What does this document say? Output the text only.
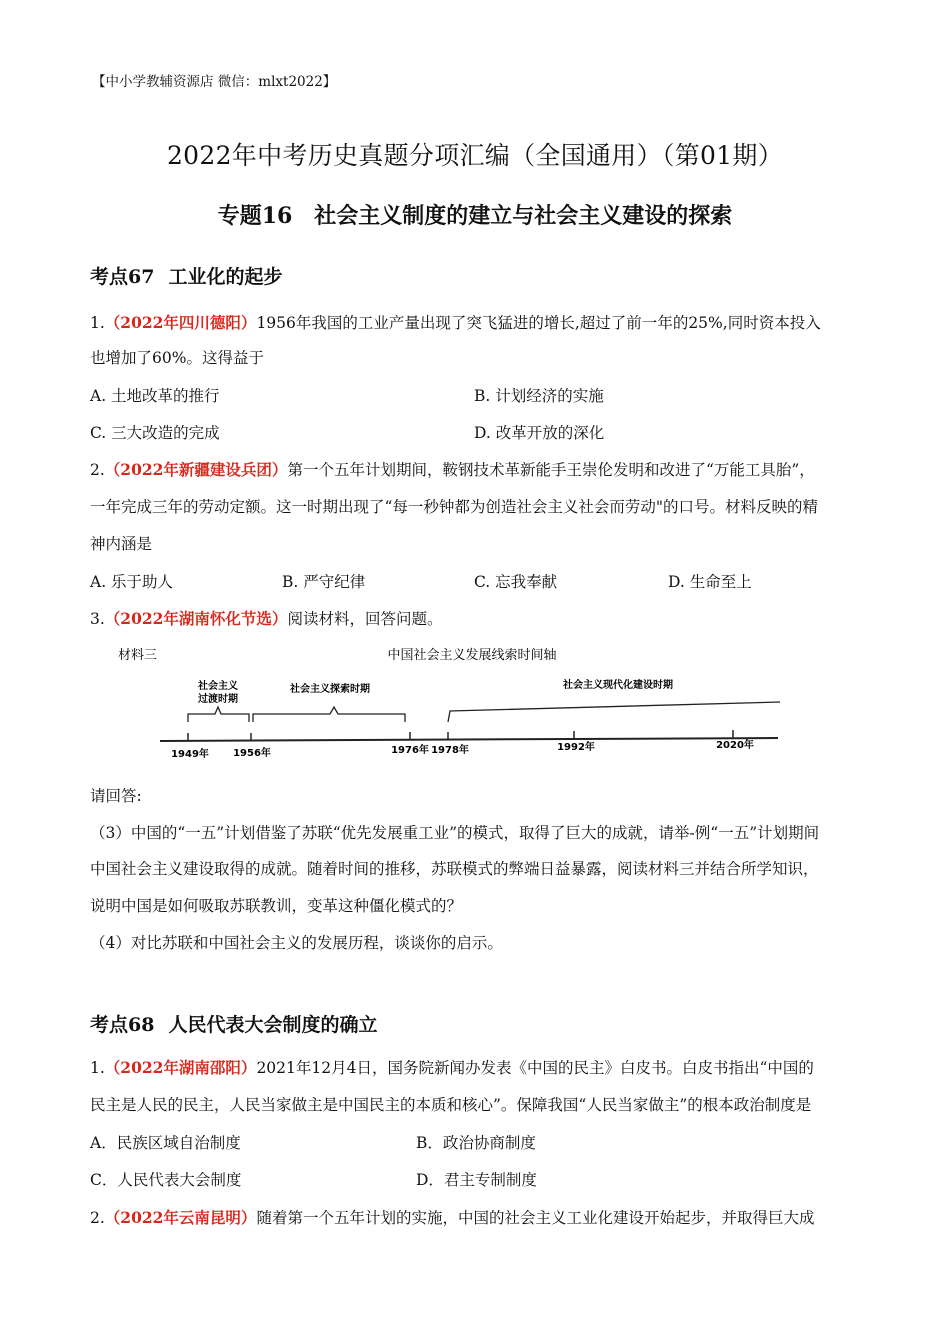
【中小学教辅资源店 微信：mlxt2022】
2022年中考历史真题分项汇编（全国通用）（第01期）
专题16　社会主义制度的建立与社会主义建设的探索
考点67 工业化的起步
1.（2022年四川德阳）1956年我国的工业产量出现了突飞猛进的增长,超过了前一年的25%,同时资本投入
也增加了60%。这得益于
A. 土地改革的推行	B. 计划经济的实施
C. 三大改造的完成	D. 改革开放的深化
2.（2022年新疆建设兵团）第一个五年计划期间，鞍钢技术革新能手王崇伦发明和改进了“万能工具胎”，
一年完成三年的劳动定额。这一时期出现了“每一秒钟都为创造社会主义社会而劳动"的口号。材料反映的精
神内涵是
A. 乐于助人	B. 严守纪律	C. 忘我奉献	D. 生命至上
3.（2022年湖南怀化节选）阅读材料，回答问题。
材料三	中国社会主义发展线索时间轴
社会主义
过渡时期
社会主义探索时期	社会主义现代化建设时期
1949年 1956年	1976年 1978年	1992年	2020年
请回答:
（3）中国的“一五”计划借鉴了苏联“优先发展重工业”的模式，取得了巨大的成就，请举-例“一五”计划期间
中国社会主义建设取得的成就。随着时间的推移，苏联模式的弊端日益暴露，阅读材料三并结合所学知识，
说明中国是如何吸取苏联教训，变革这种僵化模式的？
（4）对比苏联和中国社会主义的发展历程，谈谈你的启示。
考点68 人民代表大会制度的确立
1.（2022年湖南邵阳）2021年12月4日，国务院新闻办发表《中国的民主》白皮书。白皮书指出“中国的
民主是人民的民主，人民当家做主是中国民主的本质和核心”。保障我国“人民当家做主”的根本政治制度是
A．民族区域自治制度	B．政治协商制度
C．人民代表大会制度	D．君主专制制度
2.（2022年云南昆明）随着第一个五年计划的实施，中国的社会主义工业化建设开始起步，并取得巨大成
